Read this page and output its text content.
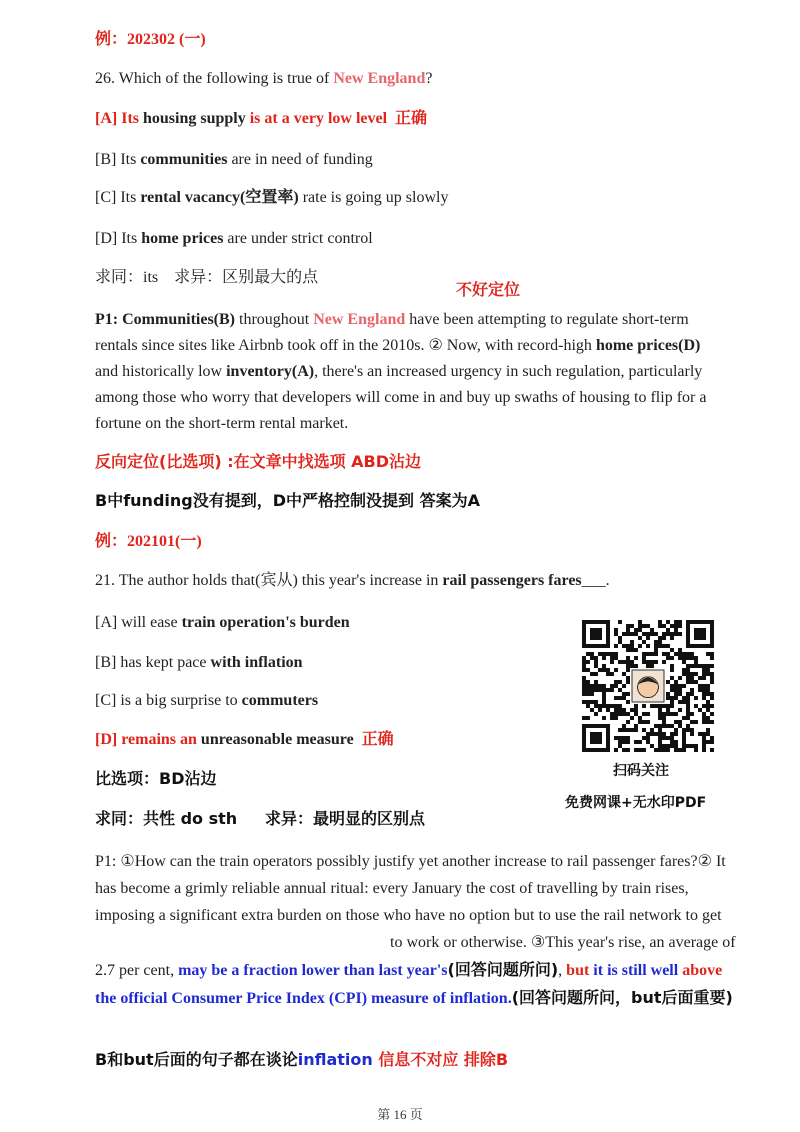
例：202302 (一)
26. Which of the following is true of New England?
[A] Its housing supply is at a very low level 正确
[B] Its communities are in need of funding
[C] Its rental vacancy(空置率) rate is going up slowly
[D] Its home prices are under strict control
求同：its 求异：区别最大的点
不好定位
P1: Communities(B) throughout New England have been attempting to regulate short-term rentals since sites like Airbnb took off in the 2010s. ② Now, with record-high home prices(D) and historically low inventory(A), there's an increased urgency in such regulation, particularly among those who worry that developers will come in and buy up swaths of housing to flip for a fortune on the short-term rental market.
反向定位(比选项) :在文章中找选项 ABD沾边
B中funding没有提到，D中严格控制没提到 答案为A
例：202101(一)
21. The author holds that(宾从) this year's increase in rail passengers fares___.
[A] will ease train operation's burden
[B] has kept pace with inflation
[C] is a big surprise to commuters
[D] remains an unreasonable measure 正确
比选项：BD沾边
求同：共性 do sth 求异：最明显的区别点
扫码关注
免费网课+无水印PDF
P1: ①How can the train operators possibly justify yet another increase to rail passenger fares?② It has become a grimly reliable annual ritual: every January the cost of travelling by train rises, imposing a significant extra burden on those who have no option but to use the rail network to getto work or otherwise. ③This year's rise, an average of 2.7 per cent, may be a fraction lower than last year's(回答问题所问), but it is still well above the official Consumer Price Index (CPI) measure of inflation.(回答问题所问，but后面重要)
B和but后面的句子都在谈论inflation 信息不对应 排除B
第 16 页
